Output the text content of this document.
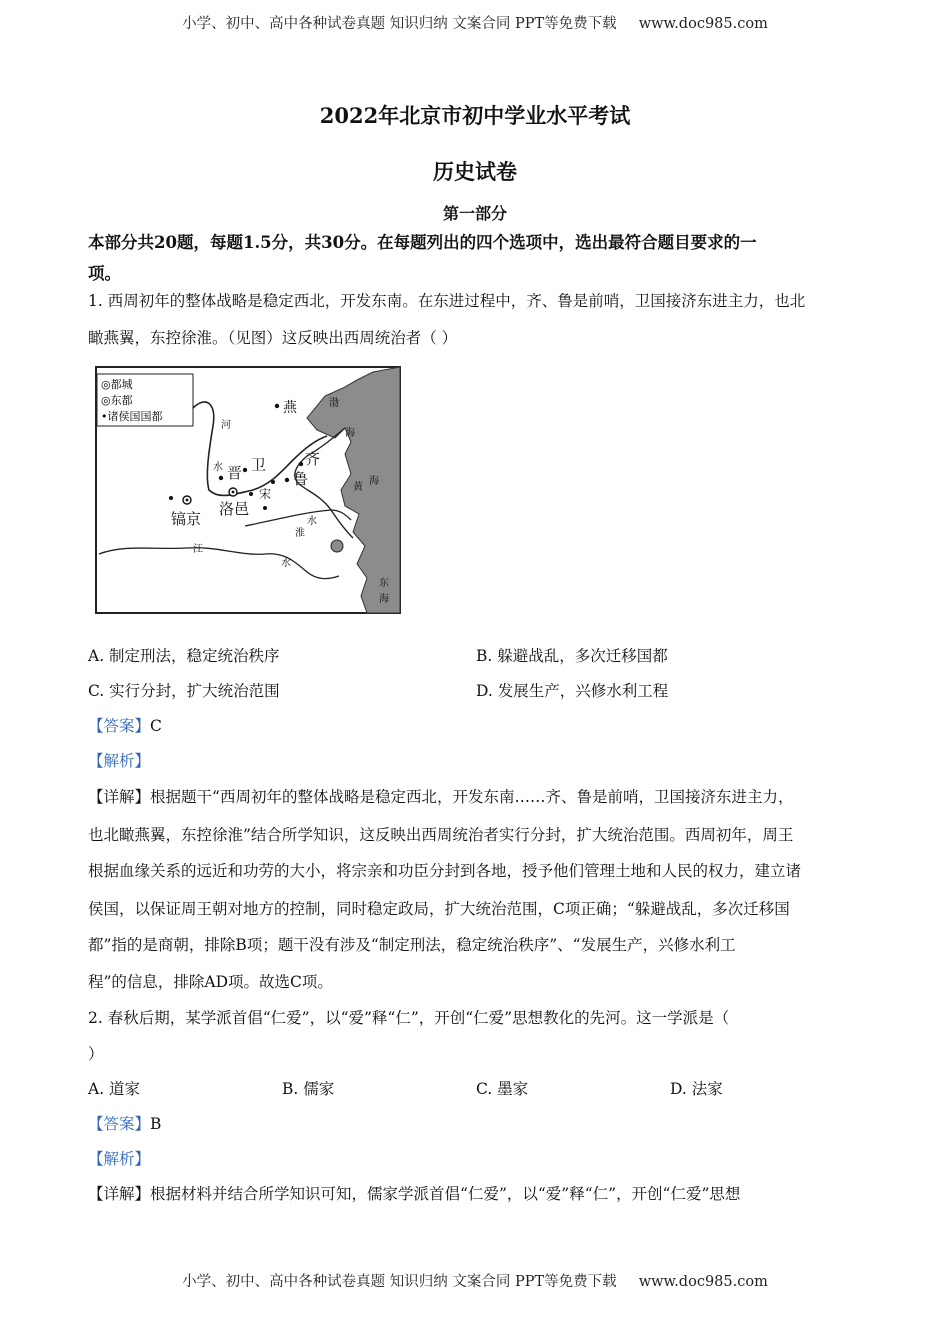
小学、初中、高中各种试卷真题 知识归纳 文案合同 PPT等免费下载 www.doc985.com
2022年北京市初中学业水平考试
历史试卷
第一部分
本部分共20题，每题1.5分，共30分。在每题列出的四个选项中，选出最符合题目要求的一
项。
1. 西周初年的整体战略是稳定西北，开发东南。在东进过程中，齐、鲁是前哨，卫国接济东进主力，也北
瞰燕翼，东控徐淮。（见图）这反映出西周统治者（ ）
◎都城
◎东都
•诸侯国国都
燕	渤
海
河
水 晋 卫	齐
鲁
宋
洛邑
镐京
黄
海
水
淮
江
水
东
海
A. 制定刑法，稳定统治秩序	B. 躲避战乱，多次迁移国都
C. 实行分封，扩大统治范围	D. 发展生产，兴修水利工程
【答案】C
【解析】
【详解】根据题干“西周初年的整体战略是稳定西北，开发东南……齐、鲁是前哨，卫国接济东进主力，
也北瞰燕翼，东控徐淮”结合所学知识，这反映出西周统治者实行分封，扩大统治范围。西周初年，周王
根据血缘关系的远近和功劳的大小，将宗亲和功臣分封到各地，授予他们管理土地和人民的权力，建立诸
侯国，以保证周王朝对地方的控制，同时稳定政局，扩大统治范围，C项正确；“躲避战乱，多次迁移国
都”指的是商朝，排除B项；题干没有涉及“制定刑法，稳定统治秩序”、“发展生产，兴修水利工
程”的信息，排除AD项。故选C项。
2. 春秋后期，某学派首倡“仁爱”，以“爱”释“仁”，开创“仁爱”思想教化的先河。这一学派是（
）
A. 道家	B. 儒家	C. 墨家	D. 法家
【答案】B
【解析】
【详解】根据材料并结合所学知识可知，儒家学派首倡“仁爱”，以“爱”释“仁”，开创“仁爱”思想
小学、初中、高中各种试卷真题 知识归纳 文案合同 PPT等免费下载 www.doc985.com
